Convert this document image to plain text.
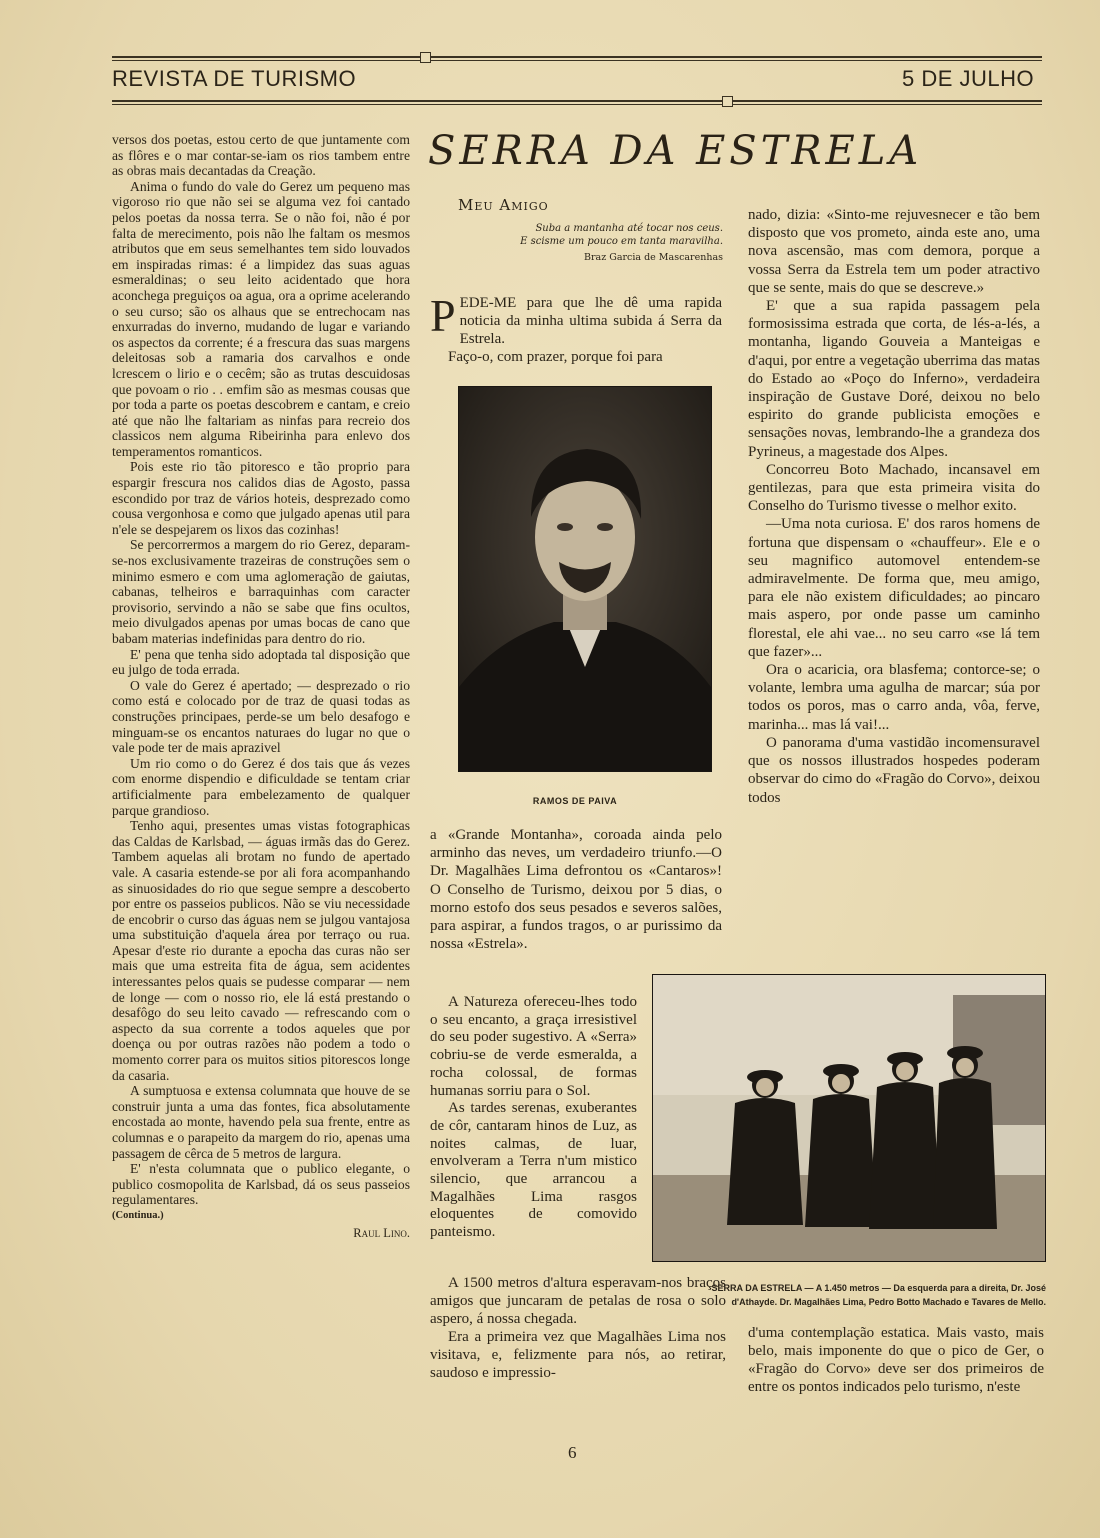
REVISTA DE TURISMO	5 DE JULHO

versos dos poetas, estou certo de que juntamente com as flôres e o mar contar-se-iam os rios tambem entre as obras mais decantadas da Creação.

Anima o fundo do vale do Gerez um pequeno mas vigoroso rio que não sei se alguma vez foi cantado pelos poetas da nossa terra. Se o não foi, não é por falta de merecimento, pois não lhe faltam os mesmos atributos que em seus semelhantes tem sido louvados em inspiradas rimas: é a limpidez das suas aguas esmeraldinas; o seu leito acidentado que hora aconchega preguiços oa agua, ora a oprime acelerando o seu curso; são os alhaus que se entrechocam nas enxurradas do inverno, mudando de lugar e variando os aspectos da corrente; é a frescura das suas margens deleitosas sob a ramaria dos carvalhos e onde lcrescem o lirio e o cecêm; são as trutas descuidosas que povoam o rio . . emfim são as mesmas cousas que por toda a parte os poetas descobrem e cantam, e creio até que não lhe faltariam as ninfas para recreio dos classicos nem alguma Ribeirinha para enlevo dos temperamentos romanticos.

Pois este rio tão pitoresco e tão proprio para espargir frescura nos calidos dias de Agosto, passa escondido por traz de vários hoteis, desprezado como cousa vergonhosa e como que julgado apenas util para n'ele se despejarem os lixos das cozinhas!

Se percorrermos a margem do rio Gerez, deparam-se-nos exclusivamente trazeiras de construções sem o minimo esmero e com uma aglomeração de gaiutas, cabanas, telheiros e barraquinhas com caracter provisorio, servindo a não se sabe que fins ocultos, meio divulgados apenas por umas bocas de cano que babam materias indefinidas para dentro do rio.

E' pena que tenha sido adoptada tal disposição que eu julgo de toda errada.

O vale do Gerez é apertado; — desprezado o rio como está e colocado por de traz de quasi todas as construções principaes, perde-se um belo desafogo e minguam-se os encantos naturaes do lugar no que o vale pode ter de mais aprazivel

Um rio como o do Gerez é dos tais que ás vezes com enorme dispendio e dificuldade se tentam criar artificialmente para embelezamento de qualquer parque grandioso.

Tenho aqui, presentes umas vistas fotographicas das Caldas de Karlsbad, — águas irmãs das do Gerez. Tambem aquelas ali brotam no fundo de apertado vale. A casaria estende-se por ali fora acompanhando as sinuosidades do rio que segue sempre a descoberto por entre os passeios publicos. Não se viu necessidade de encobrir o curso das águas nem se julgou vantajosa uma substituição d'aquela área por terraço ou rua. Apesar d'este rio durante a epocha das curas não ser mais que uma estreita fita de água, sem acidentes interessantes pelos quais se pudesse comparar — nem de longe — com o nosso rio, ele lá está prestando o desafôgo do seu leito cavado — refrescando com o aspecto da sua corrente a todos aqueles que por doença ou por outras razões não podem a todo o momento correr para os muitos sitios pitorescos longe da casaria.

A sumptuosa e extensa columnata que houve de se construir junta a uma das fontes, fica absolutamente encostada ao monte, havendo pela sua frente, entre as columnas e o parapeito da margem do rio, apenas uma passagem de cêrca de 5 metros de largura.

E' n'esta columnata que o publico elegante, o publico cosmopolita de Karlsbad, dá os seus passeios regulamentares.

(Continua.)

Raul Lino.
SERRA DA ESTRELA
Meu Amigo
Subа a mantanha até tocar nos ceus.
E scisme um pouco em tanta maravilha.
Braz Garcia de Mascarenhas

PEDE-ME para que lhe dê uma rapida noticia da minha ultima subida á Serra da Estrela.

Faço-o, com prazer, porque foi para

RAMOS DE PAIVA

a «Grande Montanha», coroada ainda pelo arminho das neves, um verdadeiro triunfo.—O Dr. Magalhães Lima defrontou os «Cantaros»! O Conselho de Turismo, deixou por 5 dias, o morno estofo dos seus pesados e severos salões, para aspirar, a fundos tragos, o ar purissimo da nossa «Estrela».

A Natureza ofereceu-lhes todo o seu encanto, a graça irresistivel do seu poder sugestivo. A «Serra» cobriu-se de verde esmeralda, a rocha colossal, de formas humanas sorriu para o Sol.

As tardes serenas, exuberantes de côr, cantaram hinos de Luz, as noites calmas, de luar, envolveram a Terra n'um mistico silencio, que arrancou a Magalhães Lima rasgos eloquentes de comovido panteismo.

A 1500 metros d'altura esperavam-nos braços amigos que juncaram de petalas de rosa o solo aspero, á nossa chegada.

Era a primeira vez que Magalhães Lima nos visitava, e, felizmente para nós, ao retirar, saudoso e impressio-

nado, dizia: «Sinto-me rejuvesnecer e tão bem disposto que vos prometo, ainda este ano, uma nova ascensão, mas com demora, porque a vossa Serra da Estrela tem um poder atractivo que se sente, mais do que se descreve.»

E' que a sua rapida passagem pela formosissima estrada que corta, de lés-a-lés, a montanha, ligando Gouveia a Manteigas e d'aqui, por entre a vegetação uberrima das matas do Estado ao «Poço do Inferno», verdadeira inspiração de Gustave Doré, deixou no belo espirito do grande publicista emoções e sensações novas, lembrando-lhe a grandeza dos Pyrineus, a magestade dos Alpes.

Concorreu Boto Machado, incansavel em gentilezas, para que esta primeira visita do Conselho do Turismo tivesse o melhor exito.

—Uma nota curiosa. E' dos raros homens de fortuna que dispensam o «chauffeur». Ele e o seu magnifico automovel entendem-se admiravelmente. De forma que, meu amigo, para ele não existem dificuldades; ao pincaro mais aspero, por onde passe um caminho florestal, ele ahi vae... no seu carro «se lá tem que fazer»...

Ora o acaricia, ora blasfema; contorce-se; o volante, lembra uma agulha de marcar; súa por todos os poros, mas o carro anda, vôa, ferve, marinha... mas lá vai!...

O panorama d'uma vastidão incomensuravel que os nossos illustrados hospedes poderam observar do cimo do «Fragão do Corvo», deixou todos

SERRA DA ESTRELA — A 1.450 metros — Da esquerda para a direita, Dr. José
d'Athayde. Dr. Magalhães Lima, Pedro Botto Machado e Tavares de Mello.

d'uma contemplação estatica. Mais vasto, mais belo, mais imponente do que o pico de Ger, o «Fragão do Corvo» deve ser dos primeiros de entre os pontos indicados pelo turismo, n'este

6
